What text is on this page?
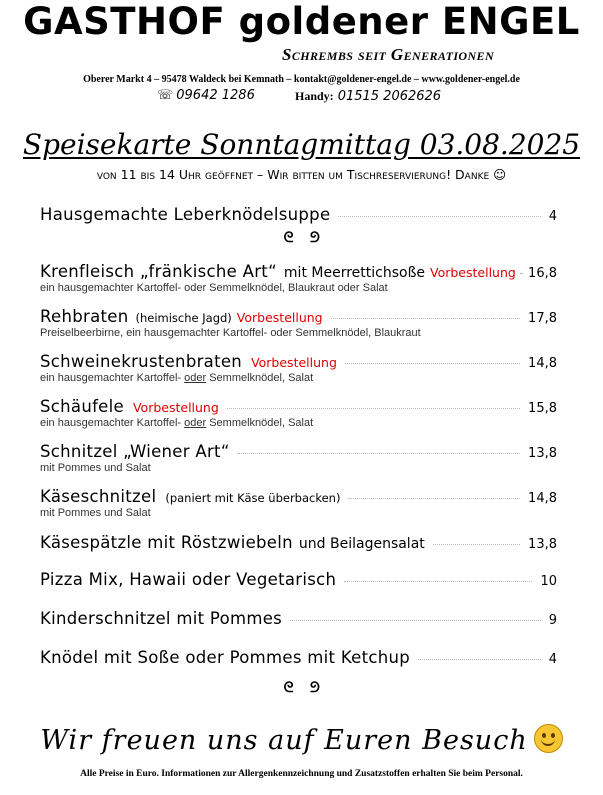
GASTHOF goldener ENGEL
Schrembs seit Generationen
Oberer Markt 4 – 95478 Waldeck bei Kemnath – kontakt@goldener-engel.de – www.goldener-engel.de
☏ 09642 1286	Handy: 01515 2062626
Speisekarte Sonntagmittag 03.08.2025
von 11 bis 14 Uhr geöffnet – Wir bitten um Tischreservierung! Danke ☺
Hausgemachte Leberknödelsuppe	4
ᘓ ᘓ
Krenfleisch „fränkische Art“ mit Meerrettichsoße Vorbestellung 16,8
ein hausgemachter Kartoffel- oder Semmelknödel, Blaukraut oder Salat
Rehbraten (heimische Jagd) Vorbestellung	17,8
Preiselbeerbirne, ein hausgemachter Kartoffel- oder Semmelknödel, Blaukraut
Schweinekrustenbraten Vorbestellung	14,8
ein hausgemachter Kartoffel- oder Semmelknödel, Salat
Schäufele Vorbestellung	15,8
ein hausgemachter Kartoffel- oder Semmelknödel, Salat
Schnitzel „Wiener Art“	13,8
mit Pommes und Salat
Käseschnitzel (paniert mit Käse überbacken)	14,8
mit Pommes und Salat
Käsespätzle mit Röstzwiebeln und Beilagensalat	13,8
Pizza Mix, Hawaii oder Vegetarisch	10
Kinderschnitzel mit Pommes	9
Knödel mit Soße oder Pommes mit Ketchup	4
ᘓ ᘓ
Wir freuen uns auf Euren Besuch
Alle Preise in Euro. Informationen zur Allergenkennzeichnung und Zusatzstoffen erhalten Sie beim Personal.
